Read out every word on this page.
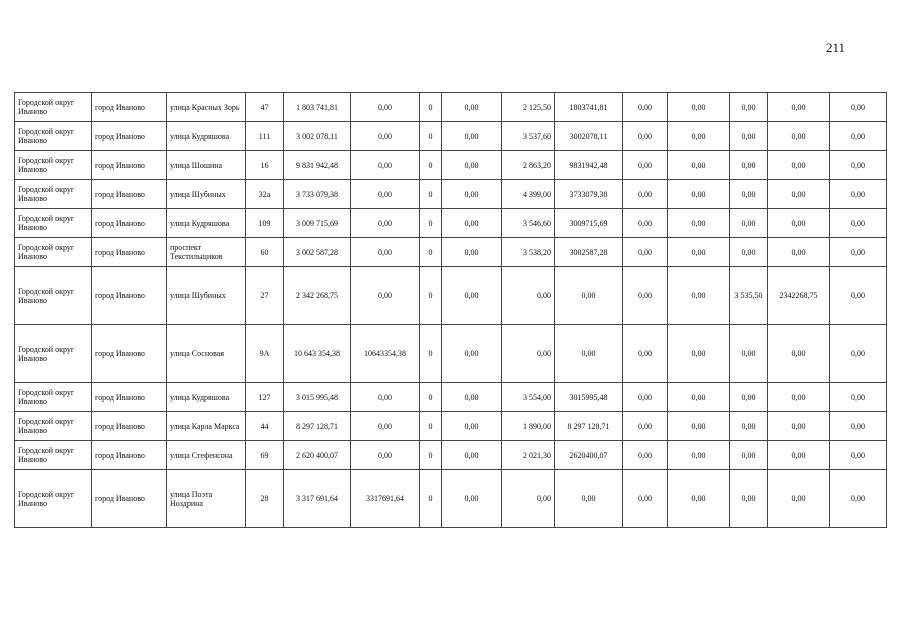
211
Городской округ Иваново	город Иваново	улица Красных Зорь	47	1 803 741,81	0,00	0	0,00	2 125,50	1803741,81	0,00	0,00	0,00	0,00	0,00
Городской округ Иваново	город Иваново	улица Кудряшова	111	3 002 078,11	0,00	0	0,00	3 537,60	3002078,11	0,00	0,00	0,00	0,00	0,00
Городской округ Иваново	город Иваново	улица Шошина	16	9 831 942,48	0,00	0	0,00	2 863,20	9831942,48	0,00	0,00	0,00	0,00	0,00
Городской округ Иваново	город Иваново	улица Шубиных	32а	3 733 079,38	0,00	0	0,00	4 399,00	3733079,38	0,00	0,00	0,00	0,00	0,00
Городской округ Иваново	город Иваново	улица Кудряшова	109	3 009 715,69	0,00	0	0,00	3 546,60	3009715,69	0,00	0,00	0,00	0,00	0,00
Городской округ Иваново	город Иваново	проспект Текстильщиков	60	3 002 587,28	0,00	0	0,00	3 538,20	3002587,28	0,00	0,00	0,00	0,00	0,00
Городской округ Иваново	город Иваново	улица Шубиных	27	2 342 268,75	0,00	0	0,00	0,00	0,00	0,00	0,00	3 535,50	2342268,75	0,00
Городской округ Иваново	город Иваново	улица Сосновая	9А	10 643 354,38	10643354,38	0	0,00	0,00	0,00	0,00	0,00	0,00	0,00	0,00
Городской округ Иваново	город Иваново	улица Кудряшова	127	3 015 995,48	0,00	0	0,00	3 554,00	3015995,48	0,00	0,00	0,00	0,00	0,00
Городской округ Иваново	город Иваново	улица Карла Маркса	44	8 297 128,71	0,00	0	0,00	1 890,00	8 297 128,71	0,00	0,00	0,00	0,00	0,00
Городской округ Иваново	город Иваново	улица Стефенсона	69	2 620 400,07	0,00	0	0,00	2 021,30	2620400,07	0,00	0,00	0,00	0,00	0,00
Городской округ Иваново	город Иваново	улица Поэта Ноздрина	28	3 317 691,64	3317691,64	0	0,00	0,00	0,00	0,00	0,00	0,00	0,00	0,00
